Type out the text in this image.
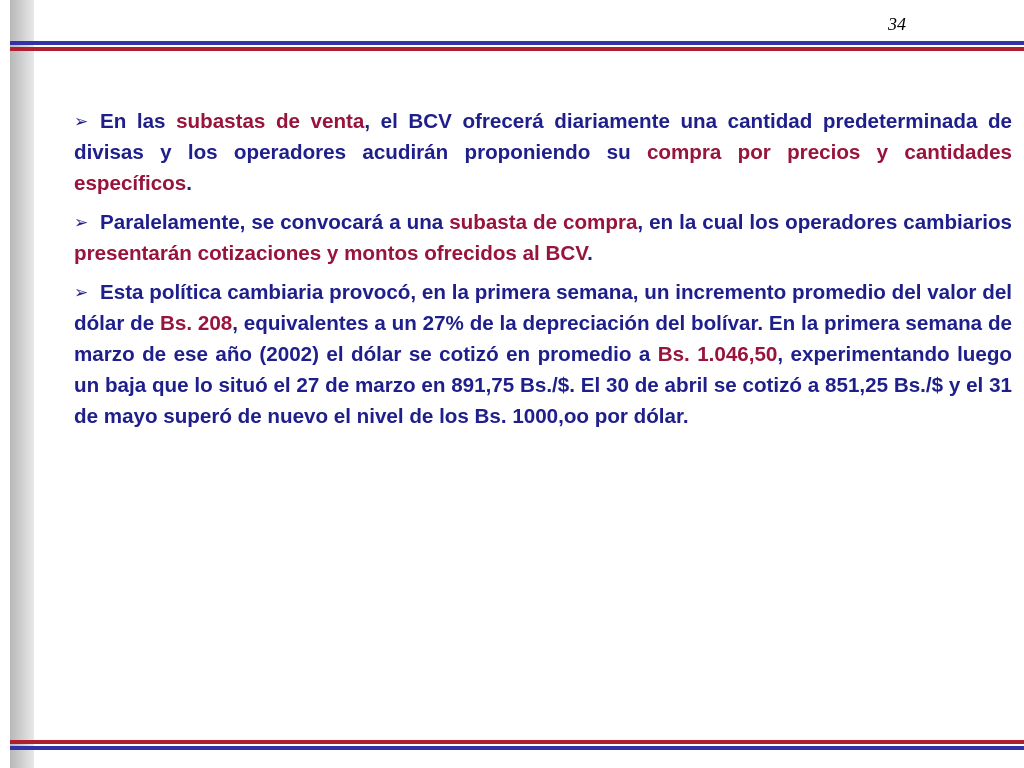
34

➢ En las subastas de venta, el BCV ofrecerá diariamente una cantidad predeterminada de divisas y los operadores acudirán proponiendo su compra por precios y cantidades específicos.

➢ Paralelamente, se convocará a una subasta de compra, en la cual los operadores cambiarios presentarán cotizaciones y montos ofrecidos al BCV.

➢ Esta política cambiaria provocó, en la primera semana, un incremento promedio del valor del dólar de Bs. 208, equivalentes a un 27% de la depreciación del bolívar. En la primera semana de marzo de ese año (2002) el dólar se cotizó en promedio a Bs. 1.046,50, experimentando luego un baja que lo situó el 27 de marzo en 891,75 Bs./$. El 30 de abril se cotizó a 851,25 Bs./$ y el 31 de mayo superó de nuevo el nivel de los Bs. 1000,oo por dólar.
